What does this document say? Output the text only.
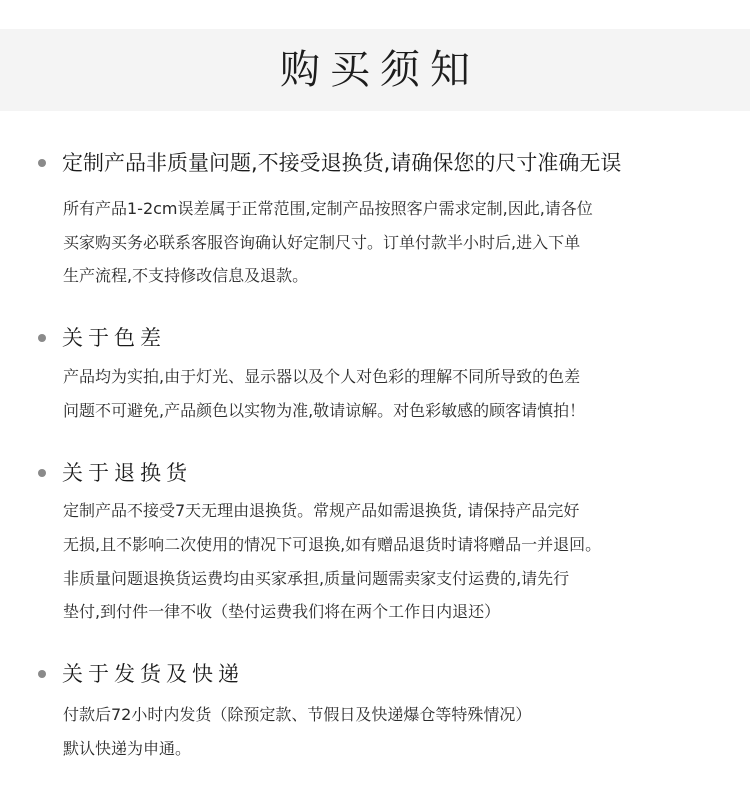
购买须知
定制产品非质量问题,不接受退换货,请确保您的尺寸准确无误
所有产品1-2cm误差属于正常范围,定制产品按照客户需求定制,因此,请各位
买家购买务必联系客服咨询确认好定制尺寸。订单付款半小时后,进入下单
生产流程,不支持修改信息及退款。
关于色差
产品均为实拍,由于灯光、显示器以及个人对色彩的理解不同所导致的色差
问题不可避免,产品颜色以实物为准,敬请谅解。对色彩敏感的顾客请慎拍！
关于退换货
定制产品不接受7天无理由退换货。常规产品如需退换货, 请保持产品完好
无损,且不影响二次使用的情况下可退换,如有赠品退货时请将赠品一并退回。
非质量问题退换货运费均由买家承担,质量问题需卖家支付运费的,请先行
垫付,到付件一律不收（垫付运费我们将在两个工作日内退还）
关于发货及快递
付款后72小时内发货（除预定款、节假日及快递爆仓等特殊情况）
默认快递为申通。
